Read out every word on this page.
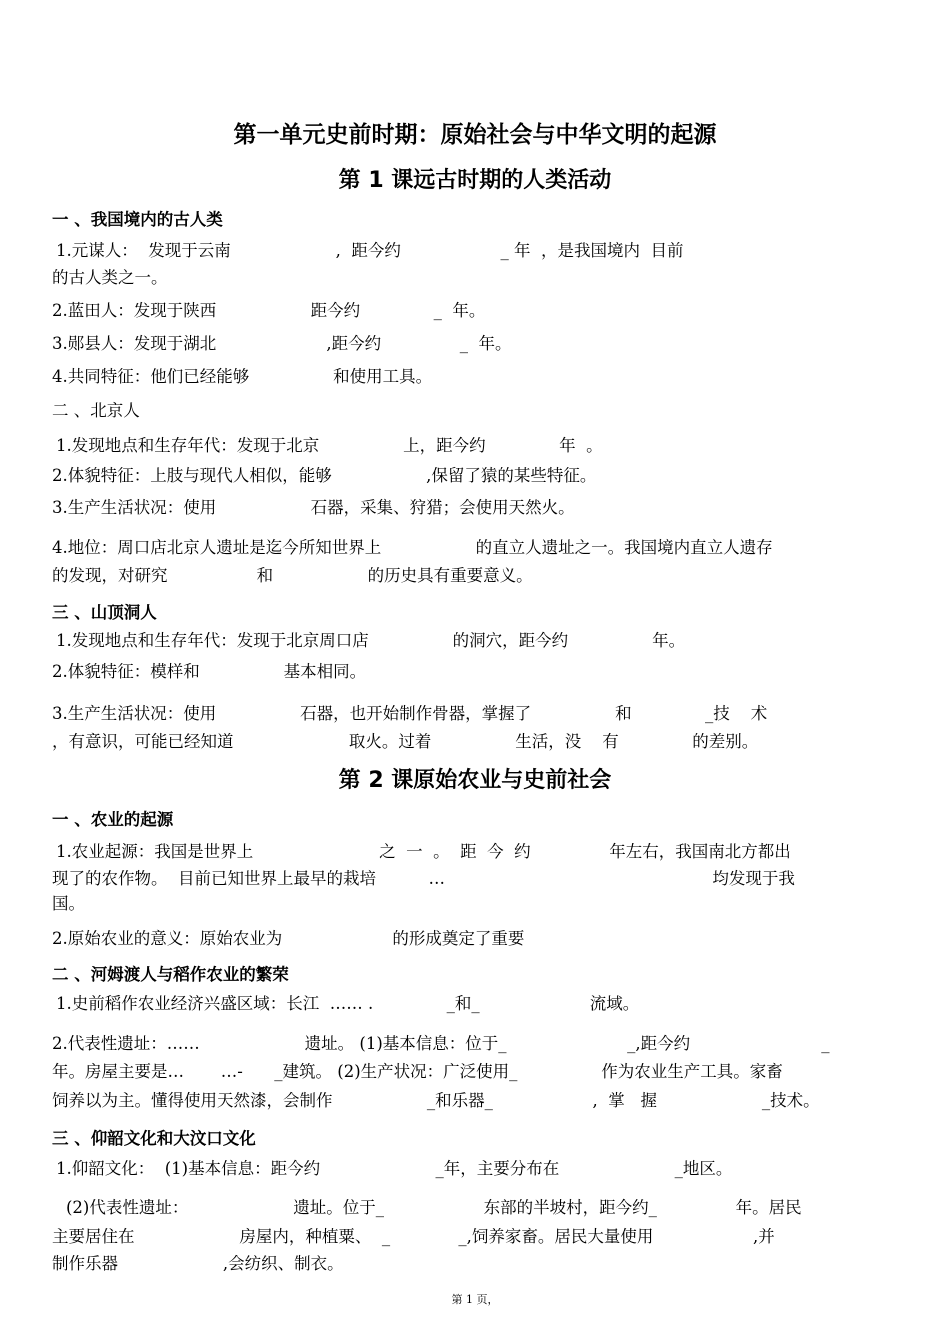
第一单元史前时期：原始社会与中华文明的起源
第 1 课远古时期的人类活动
一 、我国境内的古人类
1.元谋人：  发现于云南                    ,  距今约                   _ 年  ，是我国境内  目前
的古人类之一。
2.蓝田人：发现于陕西                  距今约              _  年。
3.郧县人：发现于湖北                     ,距今约               _  年。
4.共同特征：他们已经能够                和使用工具。
二 、北京人
1.发现地点和生存年代：发现于北京                上，距今约              年  。
2.体貌特征：上肢与现代人相似，能够                  ,保留了猿的某些特征。
3.生产生活状况：使用                  石器，采集、狩猎；会使用天然火。
4.地位：周口店北京人遗址是迄今所知世界上                  的直立人遗址之一。我国境内直立人遗存
的发现，对研究                 和                  的历史具有重要意义。
三 、山顶洞人
1.发现地点和生存年代：发现于北京周口店                的洞穴，距今约                年。
2.体貌特征：模样和                基本相同。
3.生产生活状况：使用                石器，也开始制作骨器，掌握了                和              _技    术
，有意识，可能已经知道                      取火。过着                生活，没    有              的差别。
第 2 课原始农业与史前社会
一 、农业的起源
1.农业起源：我国是世界上                        之  一  。  距  今  约               年左右，我国南北方都出
现了的农作物。  目前已知世界上最早的栽培          …                                                   均发现于我
国。
2.原始农业的意义：原始农业为                     的形成奠定了重要
二 、河姆渡人与稻作农业的繁荣
1.史前稻作农业经济兴盛区域：长江  …… .              _和_                     流域。
2.代表性遗址：……                    遗址。 (1)基本信息：位于_                       _,距今约                         _
年。房屋主要是…       …-      _建筑。 (2)生产状况：广泛使用_                作为农业生产工具。家畜
饲养以为主。懂得使用天然漆，会制作                  _和乐器_                   ,  掌   握                    _技术。
三 、仰韶文化和大汶口文化
1.仰韶文化：  (1)基本信息：距今约                      _年，主要分布在                      _地区。
(2)代表性遗址：                    遗址。位于_                   东部的半坡村，距今约_               年。居民
主要居住在                    房屋内，种植粟、  _             _,饲养家畜。居民大量使用                   ,并
制作乐器                    ,会纺织、制衣。
第 1 页，
